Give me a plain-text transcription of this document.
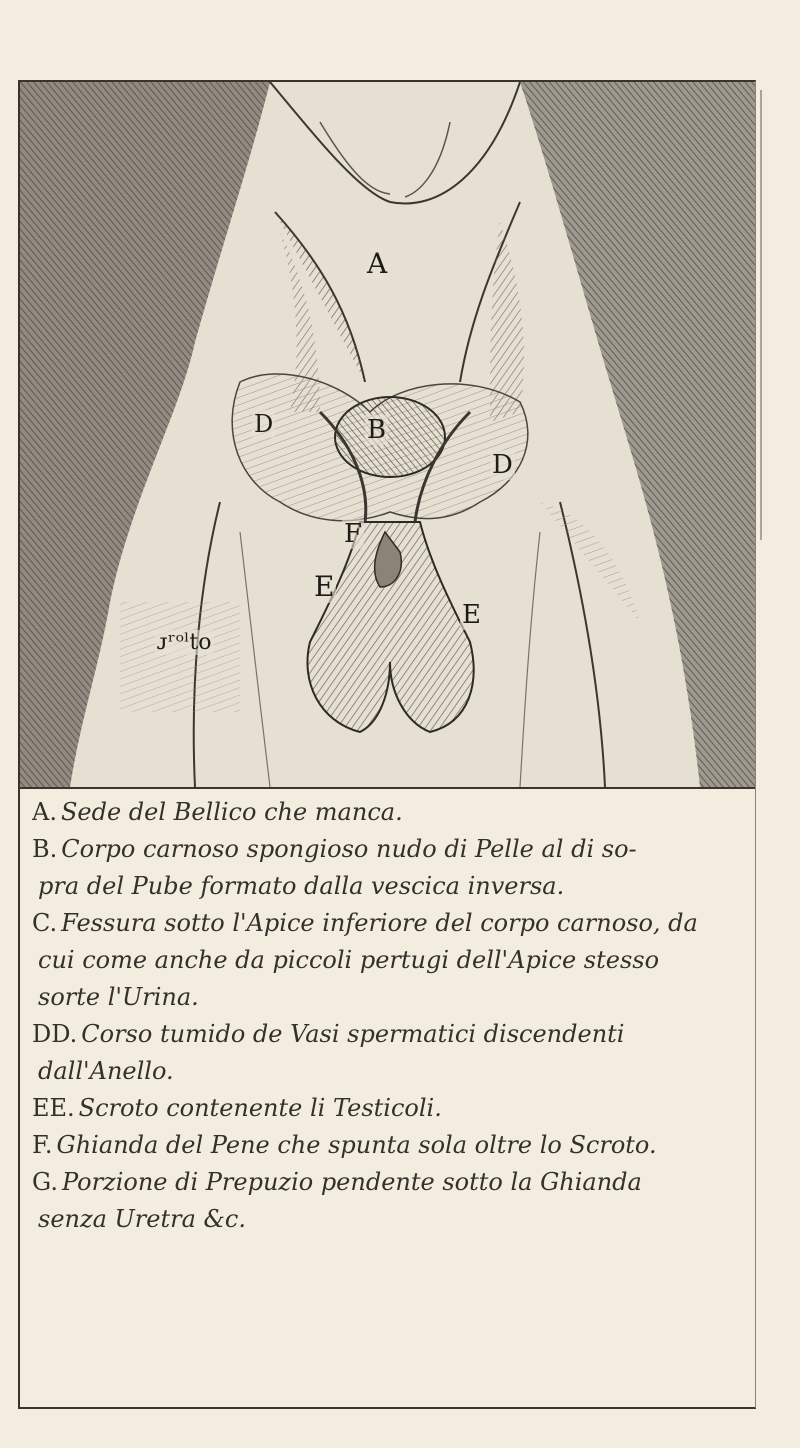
A
B
D
D
F
E
E
ᴊʳᵒˡto
A. Sede del Bellico che manca.
B. Corpo carnoso spongioso nudo di Pelle al di so-
pra del Pube formato dalla vescica inversa.
C. Fessura sotto l'Apice inferiore del corpo carnoso, da
cui come anche da piccoli pertugi dell'Apice stesso
sorte l'Urina.
DD. Corso tumido de Vasi spermatici discendenti
dall'Anello.
EE. Scroto contenente li Testicoli.
F. Ghianda del Pene che spunta sola oltre lo Scroto.
G. Porzione di Prepuzio pendente sotto la Ghianda
senza Uretra &c.
